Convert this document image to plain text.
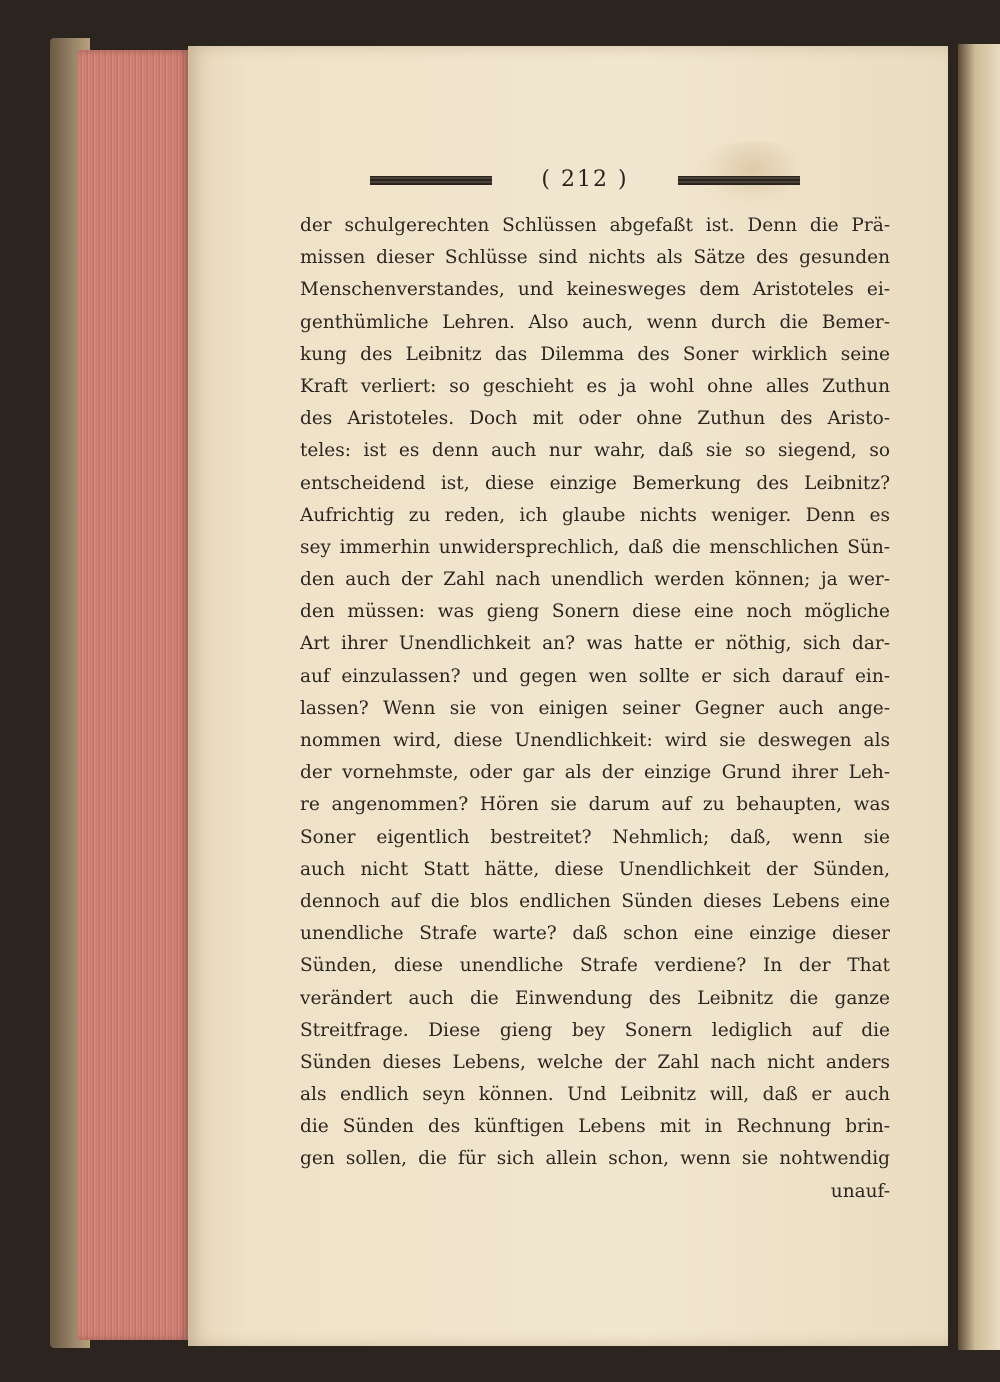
( 212 )
der schulgerechten Schlüssen abgefaßt ist. Denn die Prä-
missen dieser Schlüsse sind nichts als Sätze des gesunden
Menschenverstandes, und keinesweges dem Aristoteles ei-
genthümliche Lehren. Also auch, wenn durch die Bemer-
kung des Leibnitz das Dilemma des Soner wirklich seine
Kraft verliert: so geschieht es ja wohl ohne alles Zuthun
des Aristoteles. Doch mit oder ohne Zuthun des Aristo-
teles: ist es denn auch nur wahr, daß sie so siegend, so
entscheidend ist, diese einzige Bemerkung des Leibnitz?
Aufrichtig zu reden, ich glaube nichts weniger. Denn es
sey immerhin unwidersprechlich, daß die menschlichen Sün-
den auch der Zahl nach unendlich werden können; ja wer-
den müssen: was gieng Sonern diese eine noch mögliche
Art ihrer Unendlichkeit an? was hatte er nöthig, sich dar-
auf einzulassen? und gegen wen sollte er sich darauf ein-
lassen? Wenn sie von einigen seiner Gegner auch ange-
nommen wird, diese Unendlichkeit: wird sie deswegen als
der vornehmste, oder gar als der einzige Grund ihrer Leh-
re angenommen? Hören sie darum auf zu behaupten, was
Soner eigentlich bestreitet? Nehmlich; daß, wenn sie
auch nicht Statt hätte, diese Unendlichkeit der Sünden,
dennoch auf die blos endlichen Sünden dieses Lebens eine
unendliche Strafe warte? daß schon eine einzige dieser
Sünden, diese unendliche Strafe verdiene? In der That
verändert auch die Einwendung des Leibnitz die ganze
Streitfrage. Diese gieng bey Sonern lediglich auf die
Sünden dieses Lebens, welche der Zahl nach nicht anders
als endlich seyn können. Und Leibnitz will, daß er auch
die Sünden des künftigen Lebens mit in Rechnung brin-
gen sollen, die für sich allein schon, wenn sie nohtwendig
unauf-
